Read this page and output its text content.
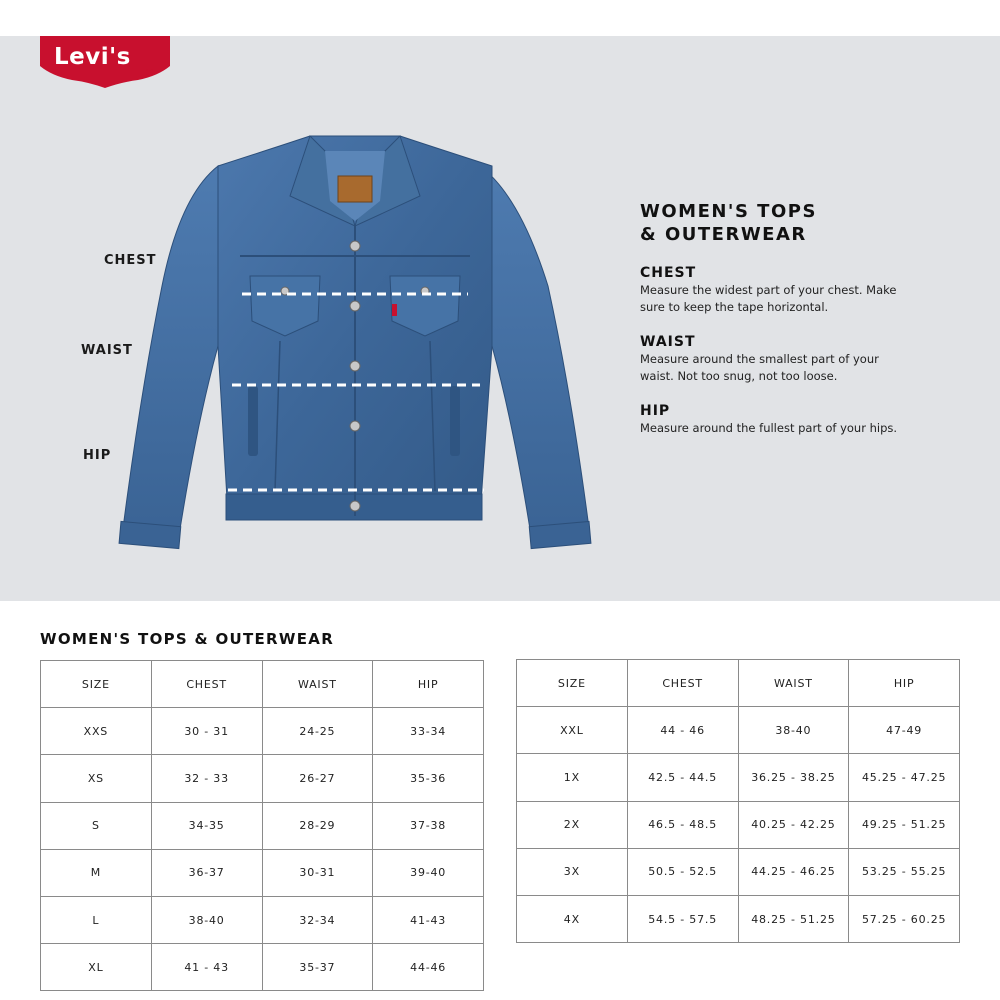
Levi's
®
CHEST
WAIST
HIP
WOMEN'S TOPS
& OUTERWEAR
CHEST
Measure the widest part of your chest. Make
sure to keep the tape horizontal.
WAIST
Measure around the smallest part of your
waist. Not too snug, not too loose.
HIP
Measure around the fullest part of your hips.
WOMEN'S TOPS & OUTERWEAR
SIZE	CHEST	WAIST	HIP
XXS	30 - 31	24-25	33-34
XS	32 - 33	26-27	35-36
S	34-35	28-29	37-38
M	36-37	30-31	39-40
L	38-40	32-34	41-43
XL	41 - 43	35-37	44-46
SIZE	CHEST	WAIST	HIP
XXL	44 - 46	38-40	47-49
1X	42.5 - 44.5	36.25 - 38.25	45.25 - 47.25
2X	46.5 - 48.5	40.25 - 42.25	49.25 - 51.25
3X	50.5 - 52.5	44.25 - 46.25	53.25 - 55.25
4X	54.5 - 57.5	48.25 - 51.25	57.25 - 60.25
